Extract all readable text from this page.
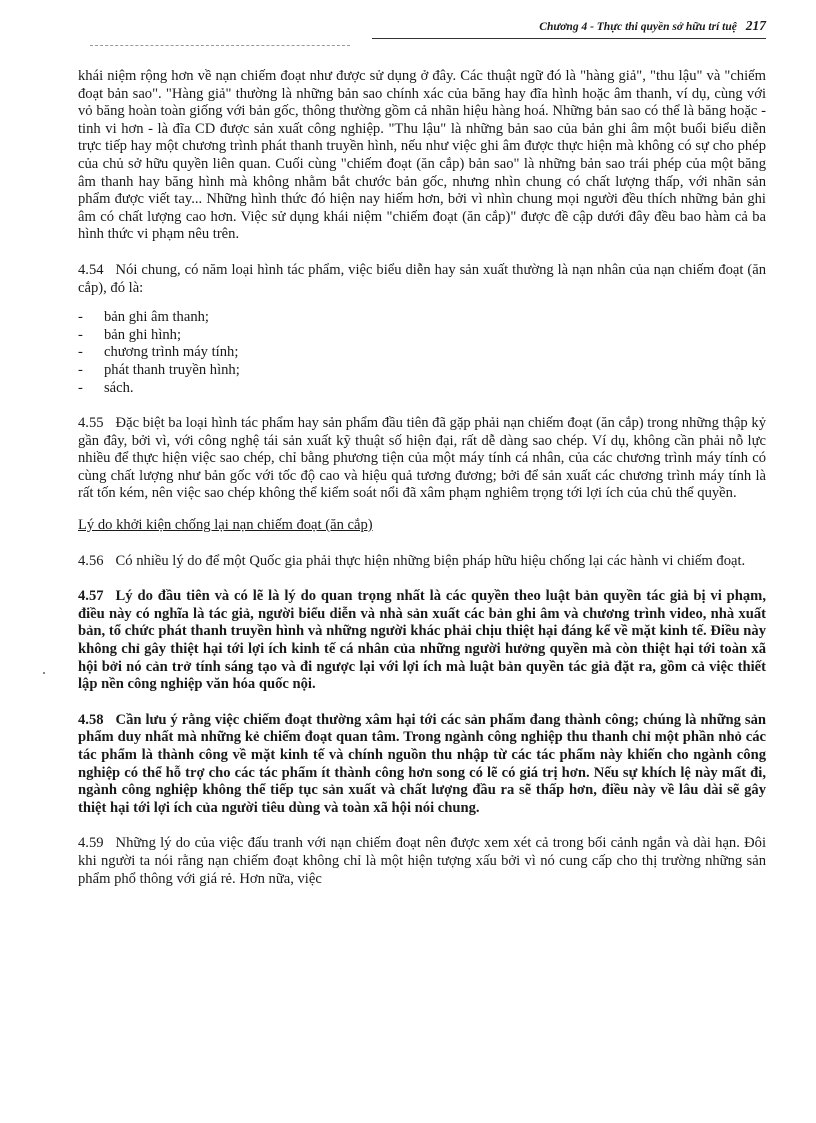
Chương 4 - Thực thi quyền sở hữu trí tuệ 217

khái niệm rộng hơn về nạn chiếm đoạt như được sử dụng ở đây. Các thuật ngữ đó là "hàng giả", "thu lậu" và "chiếm đoạt bản sao". "Hàng giả" thường là những bản sao chính xác của băng hay đĩa hình hoặc âm thanh, ví dụ, cùng với vỏ băng hoàn toàn giống với bản gốc, thông thường gồm cả nhãn hiệu hàng hoá. Những bản sao có thể là băng hoặc - tinh vi hơn - là đĩa CD được sản xuất công nghiệp. "Thu lậu" là những bản sao của bản ghi âm một buổi biểu diễn trực tiếp hay một chương trình phát thanh truyền hình, nếu như việc ghi âm được thực hiện mà không có sự cho phép của chủ sở hữu quyền liên quan. Cuối cùng "chiếm đoạt (ăn cắp) bản sao" là những bản sao trái phép của một băng âm thanh hay băng hình mà không nhằm bắt chước bản gốc, nhưng nhìn chung có chất lượng thấp, với nhãn sản phẩm được viết tay... Những hình thức đó hiện nay hiếm hơn, bởi vì nhìn chung mọi người đều thích những bản ghi âm có chất lượng cao hơn. Việc sử dụng khái niệm "chiếm đoạt (ăn cắp)" được đề cập dưới đây đều bao hàm cả ba hình thức vi phạm nêu trên.

4.54 Nói chung, có năm loại hình tác phẩm, việc biểu diễn hay sản xuất thường là nạn nhân của nạn chiếm đoạt (ăn cắp), đó là:

-	bản ghi âm thanh;
-	bản ghi hình;
-	chương trình máy tính;
-	phát thanh truyền hình;
-	sách.

4.55 Đặc biệt ba loại hình tác phẩm hay sản phẩm đầu tiên đã gặp phải nạn chiếm đoạt (ăn cắp) trong những thập kỷ gần đây, bởi vì, với công nghệ tái sản xuất kỹ thuật số hiện đại, rất dễ dàng sao chép. Ví dụ, không cần phải nỗ lực nhiều để thực hiện việc sao chép, chỉ bằng phương tiện của một máy tính cá nhân, của các chương trình máy tính có cùng chất lượng như bản gốc với tốc độ cao và hiệu quả tương đương; bởi để sản xuất các chương trình máy tính là rất tốn kém, nên việc sao chép không thể kiểm soát nổi đã xâm phạm nghiêm trọng tới lợi ích của chủ thể quyền.

Lý do khởi kiện chống lại nạn chiếm đoạt (ăn cắp)

4.56 Có nhiều lý do để một Quốc gia phải thực hiện những biện pháp hữu hiệu chống lại các hành vi chiếm đoạt.

4.57 Lý do đầu tiên và có lẽ là lý do quan trọng nhất là các quyền theo luật bản quyền tác giả bị vi phạm, điều này có nghĩa là tác giả, người biểu diễn và nhà sản xuất các bản ghi âm và chương trình video, nhà xuất bản, tổ chức phát thanh truyền hình và những người khác phải chịu thiệt hại đáng kể về mặt kinh tế. Điều này không chỉ gây thiệt hại tới lợi ích kinh tế cá nhân của những người hưởng quyền mà còn thiệt hại tới toàn xã hội bởi nó cản trở tính sáng tạo và đi ngược lại với lợi ích mà luật bản quyền tác giả đặt ra, gồm cả việc thiết lập nền công nghiệp văn hóa quốc nội.

4.58 Cần lưu ý rằng việc chiếm đoạt thường xâm hại tới các sản phẩm đang thành công; chúng là những sản phẩm duy nhất mà những kẻ chiếm đoạt quan tâm. Trong ngành công nghiệp thu thanh chỉ một phần nhỏ các tác phẩm là thành công về mặt kinh tế và chính nguồn thu nhập từ các tác phẩm này khiến cho ngành công nghiệp có thể hỗ trợ cho các tác phẩm ít thành công hơn song có lẽ có giá trị hơn. Nếu sự khích lệ này mất đi, ngành công nghiệp không thể tiếp tục sản xuất và chất lượng đầu ra sẽ thấp hơn, điều này về lâu dài sẽ gây thiệt hại tới lợi ích của người tiêu dùng và toàn xã hội nói chung.

4.59 Những lý do của việc đấu tranh với nạn chiếm đoạt nên được xem xét cả trong bối cảnh ngắn và dài hạn. Đôi khi người ta nói rằng nạn chiếm đoạt không chỉ là một hiện tượng xấu bởi vì nó cung cấp cho thị trường những sản phẩm phổ thông với giá rẻ. Hơn nữa, việc
